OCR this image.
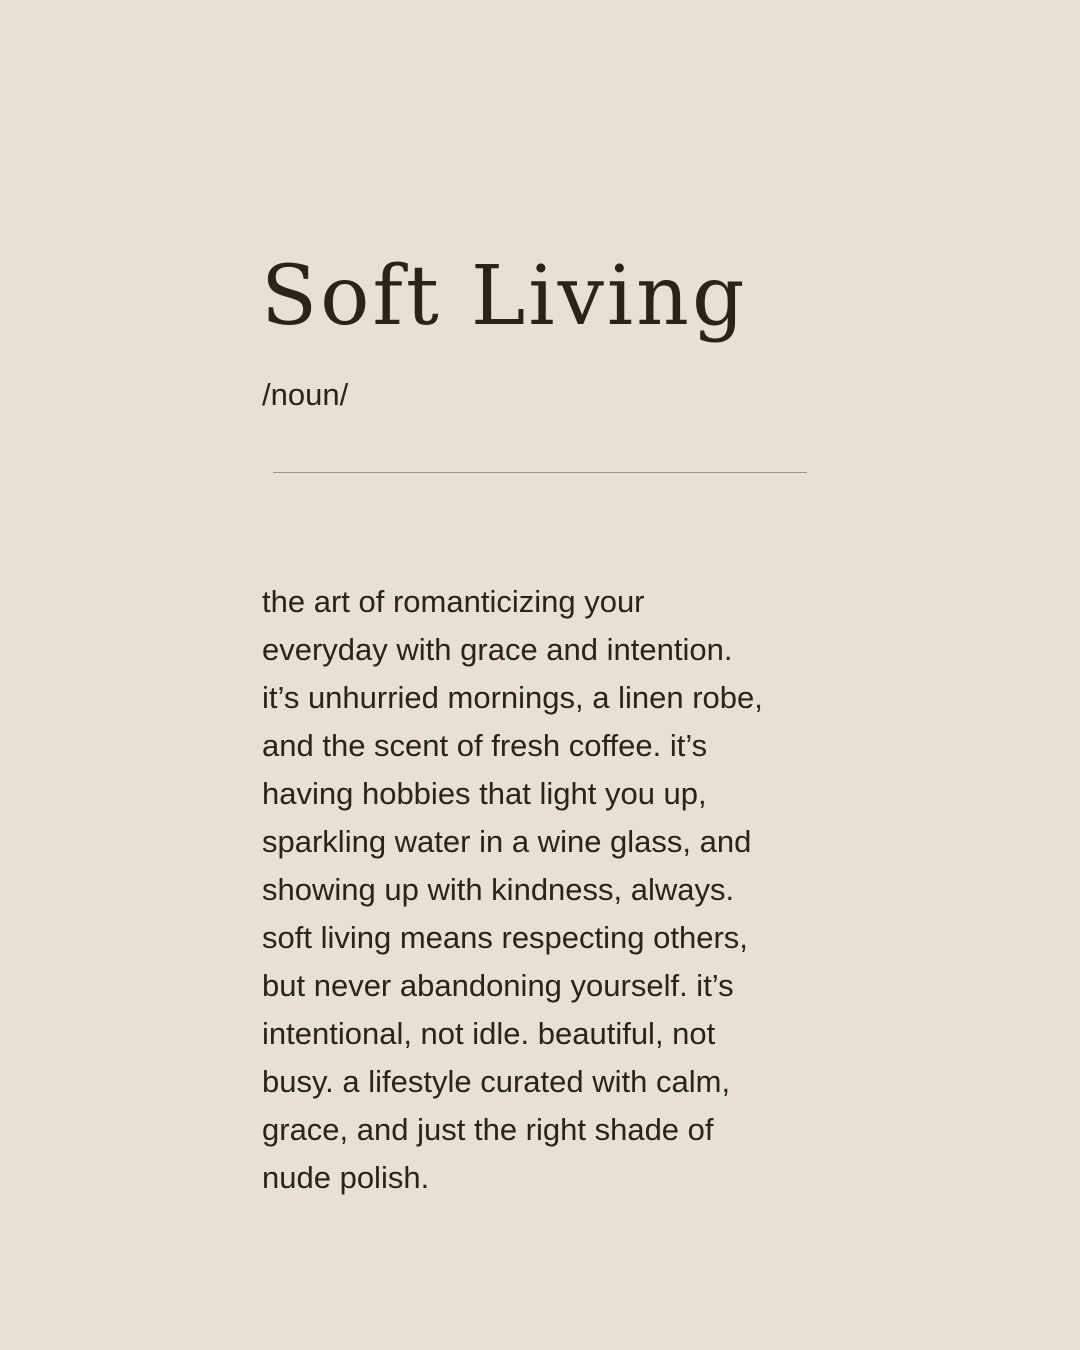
Soft Living
/noun/

the art of romanticizing your
everyday with grace and intention.
it’s unhurried mornings, a linen robe,
and the scent of fresh coffee. it’s
having hobbies that light you up,
sparkling water in a wine glass, and
showing up with kindness, always.
soft living means respecting others,
but never abandoning yourself. it’s
intentional, not idle. beautiful, not
busy. a lifestyle curated with calm,
grace, and just the right shade of
nude polish.
